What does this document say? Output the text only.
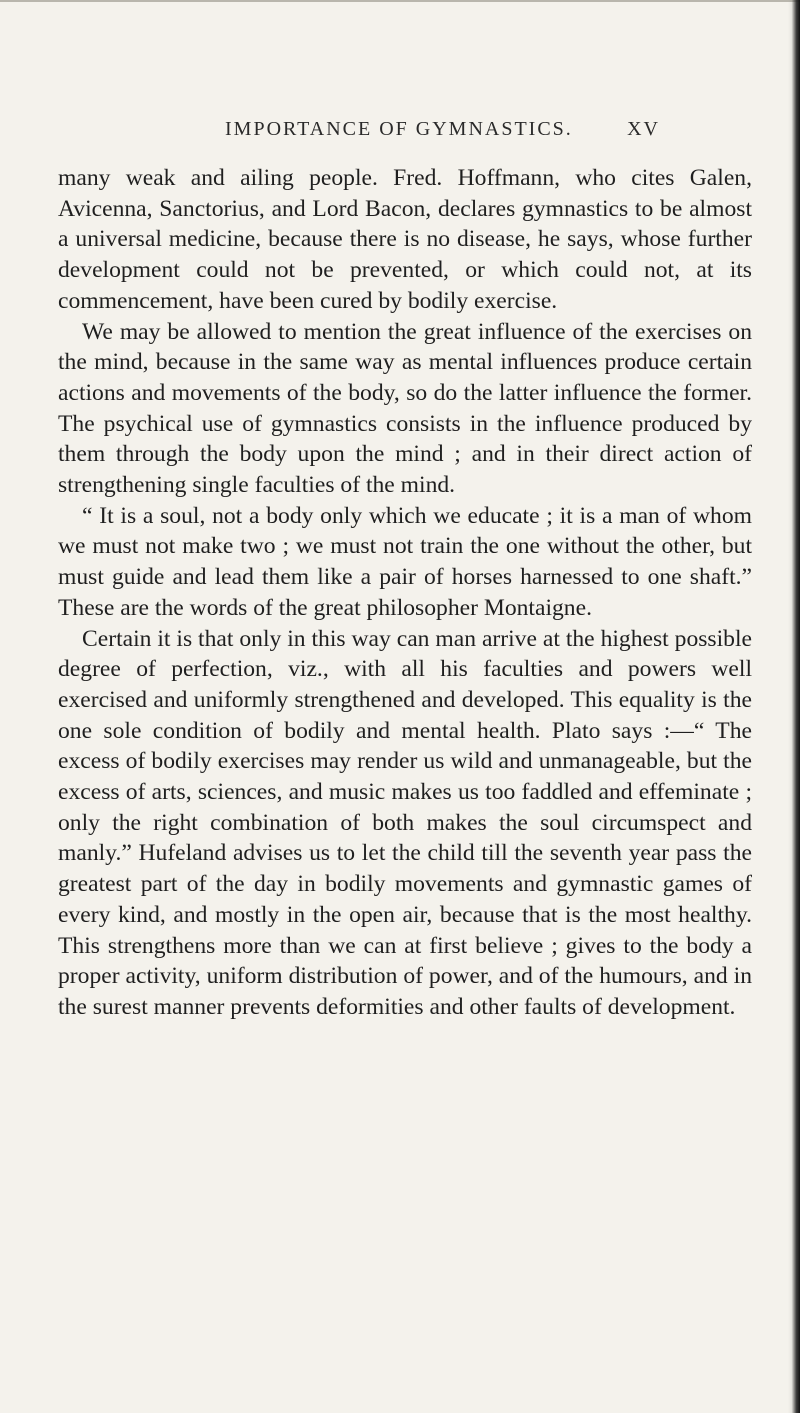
IMPORTANCE OF GYMNASTICS.	XV

many weak and ailing people. Fred. Hoffmann, who cites Galen, Avicenna, Sanctorius, and Lord Bacon, declares gymnastics to be almost a universal medicine, because there is no disease, he says, whose further development could not be prevented, or which could not, at its commencement, have been cured by bodily exercise.

We may be allowed to mention the great influence of the exercises on the mind, because in the same way as mental influences produce certain actions and movements of the body, so do the latter influence the former. The psychical use of gymnastics consists in the influence produced by them through the body upon the mind ; and in their direct action of strengthening single faculties of the mind.

“ It is a soul, not a body only which we educate ; it is a man of whom we must not make two ; we must not train the one without the other, but must guide and lead them like a pair of horses harnessed to one shaft.” These are the words of the great philosopher Montaigne.

Certain it is that only in this way can man arrive at the highest possible degree of perfection, viz., with all his faculties and powers well exercised and uniformly strengthened and developed. This equality is the one sole condition of bodily and mental health. Plato says :—“ The excess of bodily exercises may render us wild and unmanageable, but the excess of arts, sciences, and music makes us too faddled and effeminate ; only the right combination of both makes the soul circumspect and manly.” Hufeland advises us to let the child till the seventh year pass the greatest part of the day in bodily movements and gymnastic games of every kind, and mostly in the open air, because that is the most healthy. This strengthens more than we can at first believe ; gives to the body a proper activity, uniform distribution of power, and of the humours, and in the surest manner prevents deformities and other faults of development.
